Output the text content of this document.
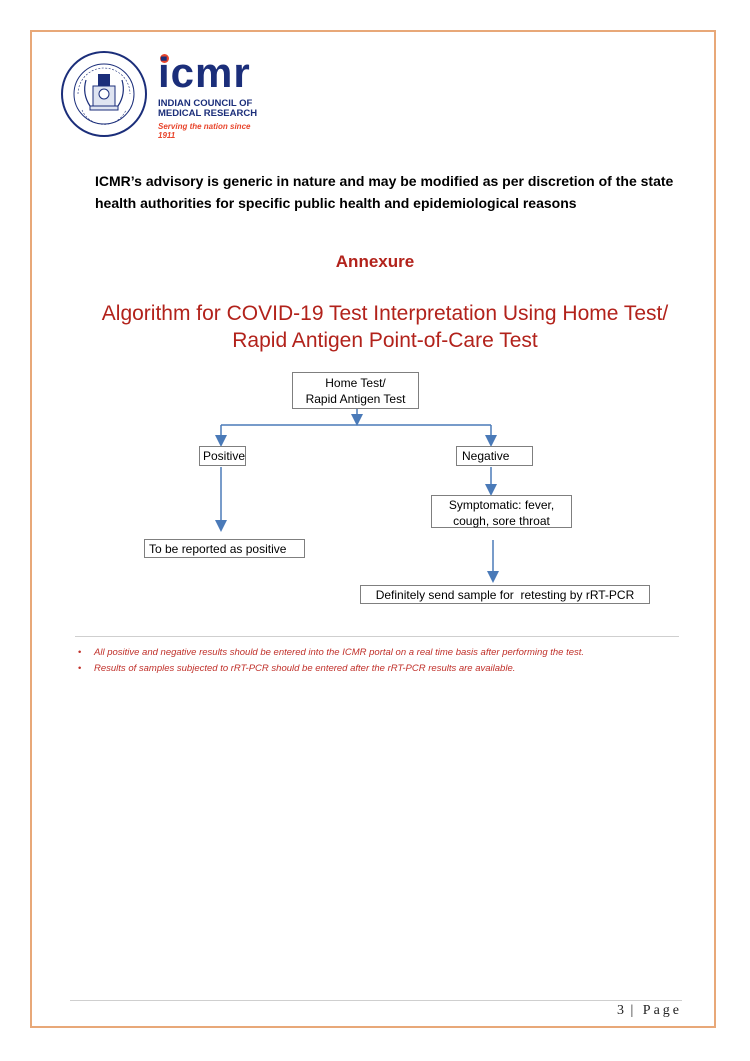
icmr
INDIAN COUNCIL OF
MEDICAL RESEARCH
Serving the nation since 1911
ICMR’s advisory is generic in nature and may be modified as per discretion of the state health authorities for specific public health and epidemiological reasons
Annexure
Algorithm for COVID-19 Test Interpretation Using Home Test/
Rapid Antigen Point-of-Care Test
Home Test/
Rapid Antigen Test
Positive	Negative
Symptomatic: fever,
cough, sore throat
To be reported as positive
Definitely send sample for  retesting by rRT-PCR
• All positive and negative results should be entered into the ICMR portal on a real time basis after performing the test.
• Results of samples subjected to rRT-PCR should be entered after the rRT-PCR results are available.
3 | Page
